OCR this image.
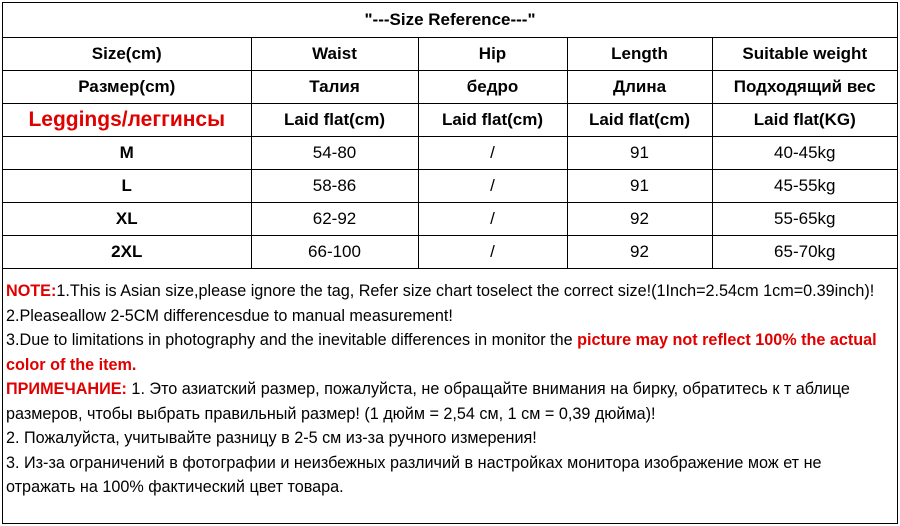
"---Size Reference---"				
Size(cm)	Waist	Hip	Length	Suitable weight
Размер(cm)	Талия	бедро	Длина	Подходящий вес
Leggings/леггинсы	Laid flat(cm)	Laid flat(cm)	Laid flat(cm)	Laid flat(KG)
M	54-80	/	91	40-45kg
L	58-86	/	91	45-55kg
XL	62-92	/	92	55-65kg
2XL	66-100	/	92	65-70kg

NOTE:1.This is Asian size,please ignore the tag, Refer size chart toselect the correct size!(1Inch=2.54cm 1cm=0.39inch)!

2.Pleaseallow 2-5CM differencesdue to manual measurement!

3.Due to limitations in photography and the inevitable differences in monitor the picture may not reflect 100% the actual color of the item.

ПРИМЕЧАНИЕ: 1. Это азиатский размер, пожалуйста, не обращайте внимания на бирку, обратитесь к т аблице размеров, чтобы выбрать правильный размер! (1 дюйм = 2,54 см, 1 см = 0,39 дюйма)!

2. Пожалуйста, учитывайте разницу в 2-5 см из-за ручного измерения!

3. Из-за ограничений в фотографии и неизбежных различий в настройках монитора изображение мож ет не отражать на 100% фактический цвет товара.
